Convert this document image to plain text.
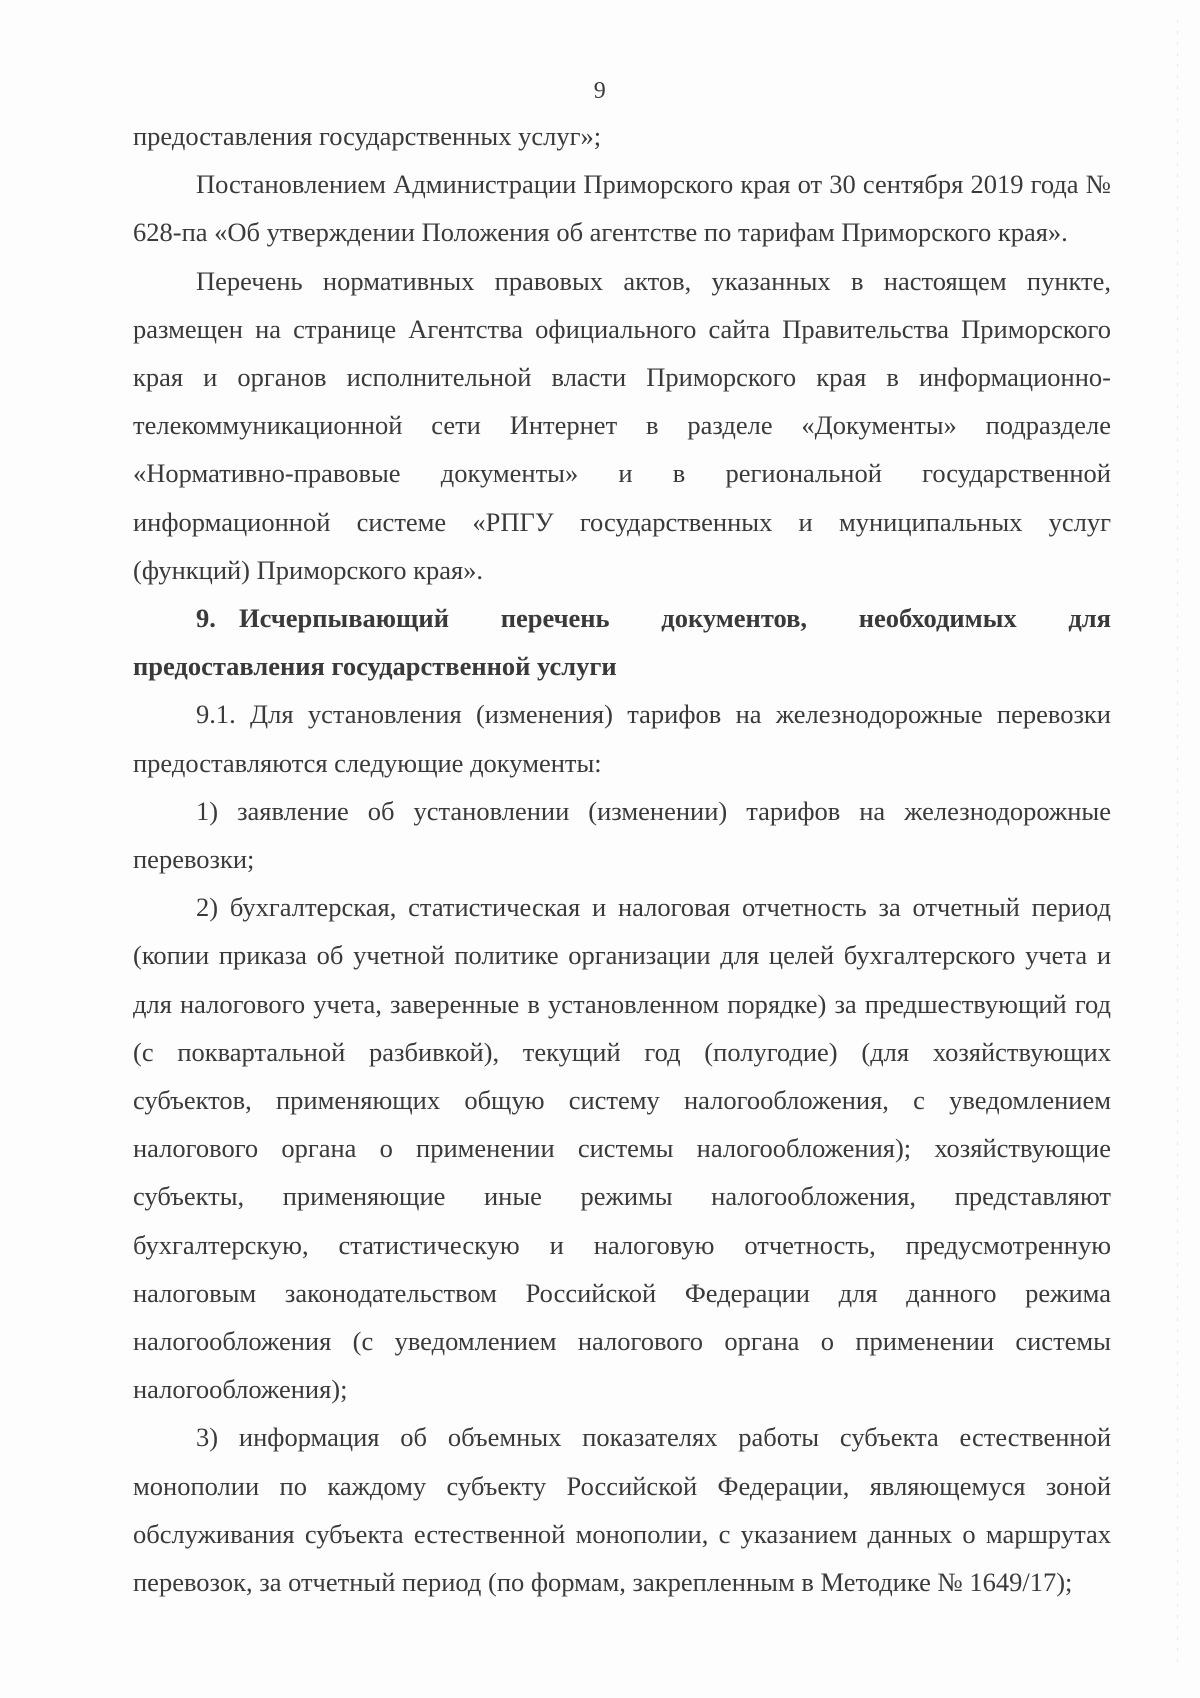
9

предоставления государственных услуг»;

Постановлением Администрации Приморского края от 30 сентября 2019 года № 628-па «Об утверждении Положения об агентстве по тарифам Приморского края».

Перечень нормативных правовых актов, указанных в настоящем пункте, размещен на странице Агентства официального сайта Правительства Приморского края и органов исполнительной власти Приморского края в информационно-телекоммуникационной сети Интернет в разделе «Документы» подразделе «Нормативно-правовые документы» и в региональной государственной информационной системе «РПГУ государственных и муниципальных услуг (функций) Приморского края».

9. Исчерпывающий перечень документов, необходимых для предоставления государственной услуги

9.1. Для установления (изменения) тарифов на железнодорожные перевозки предоставляются следующие документы:

1) заявление об установлении (изменении) тарифов на железнодорожные перевозки;

2) бухгалтерская, статистическая и налоговая отчетность за отчетный период (копии приказа об учетной политике организации для целей бухгалтерского учета и для налогового учета, заверенные в установленном порядке) за предшествующий год (с поквартальной разбивкой), текущий год (полугодие) (для хозяйствующих субъектов, применяющих общую систему налогообложения, с уведомлением налогового органа о применении системы налогообложения); хозяйствующие субъекты, применяющие иные режимы налогообложения, представляют бухгалтерскую, статистическую и налоговую отчетность, предусмотренную налоговым законодательством Российской Федерации для данного режима налогообложения (с уведомлением налогового органа о применении системы налогообложения);

3) информация об объемных показателях работы субъекта естественной монополии по каждому субъекту Российской Федерации, являющемуся зоной обслуживания субъекта естественной монополии, с указанием данных о маршрутах перевозок, за отчетный период (по формам, закрепленным в Методике № 1649/17);
